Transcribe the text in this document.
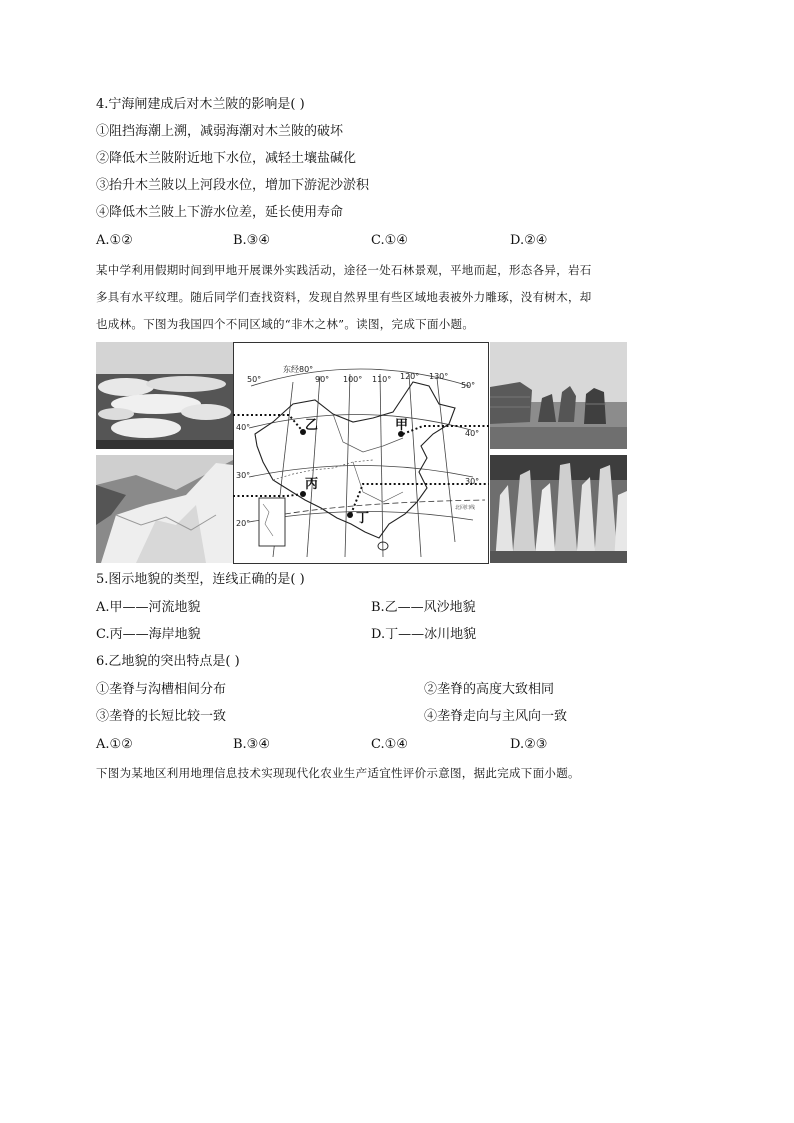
4.宁海闸建成后对木兰陂的影响是( )
①阻挡海潮上溯，减弱海潮对木兰陂的破坏
②降低木兰陂附近地下水位，减轻土壤盐碱化
③抬升木兰陂以上河段水位，增加下游泥沙淤积
④降低木兰陂上下游水位差，延长使用寿命
A.①②	B.③④	C.①④	D.②④
某中学利用假期时间到甲地开展课外实践活动，途径一处石林景观，平地而起，形态各异，岩石
多具有水平纹理。随后同学们查找资料，发现自然界里有些区域地表被外力雕琢，没有树木，却
也成林。下图为我国四个不同区域的“非木之林”。读图，完成下面小题。
北回归线
东经80°
90° 100° 110° 120° 130°
50°
40°
30°
20°
50°
40°
30°
甲
乙
丙
丁
5.图示地貌的类型，连线正确的是( )
A.甲——河流地貌	B.乙——风沙地貌
C.丙——海岸地貌	D.丁——冰川地貌
6.乙地貌的突出特点是( )
①垄脊与沟槽相间分布	②垄脊的高度大致相同
③垄脊的长短比较一致	④垄脊走向与主风向一致
A.①②	B.③④	C.①④	D.②③
下图为某地区利用地理信息技术实现现代化农业生产适宜性评价示意图，据此完成下面小题。
